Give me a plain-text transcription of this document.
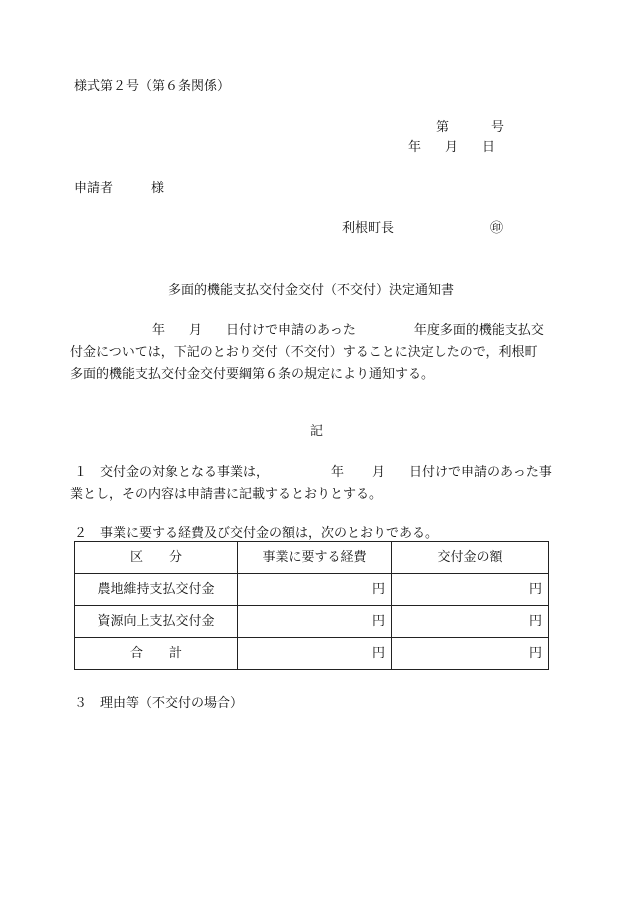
様式第２号（第６条関係）
第	号
年 月 日
申請者	様
利根町長	㊞
多面的機能支払交付金交付（不交付）決定通知書
年 月 日付けで申請のあった	年度多面的機能支払交
付金については，下記のとおり交付（不交付）することに決定したので，利根町
多面的機能支払交付金交付要綱第６条の規定により通知する。
記
１　交付金の対象となる事業は，	年 月 日付けで申請のあった事
業とし，その内容は申請書に記載するとおりとする。
２　事業に要する経費及び交付金の額は，次のとおりである。
区　　分	事業に要する経費	交付金の額
農地維持支払交付金	円	円
資源向上支払交付金	円	円
合　　計	円	円
３　理由等（不交付の場合）
